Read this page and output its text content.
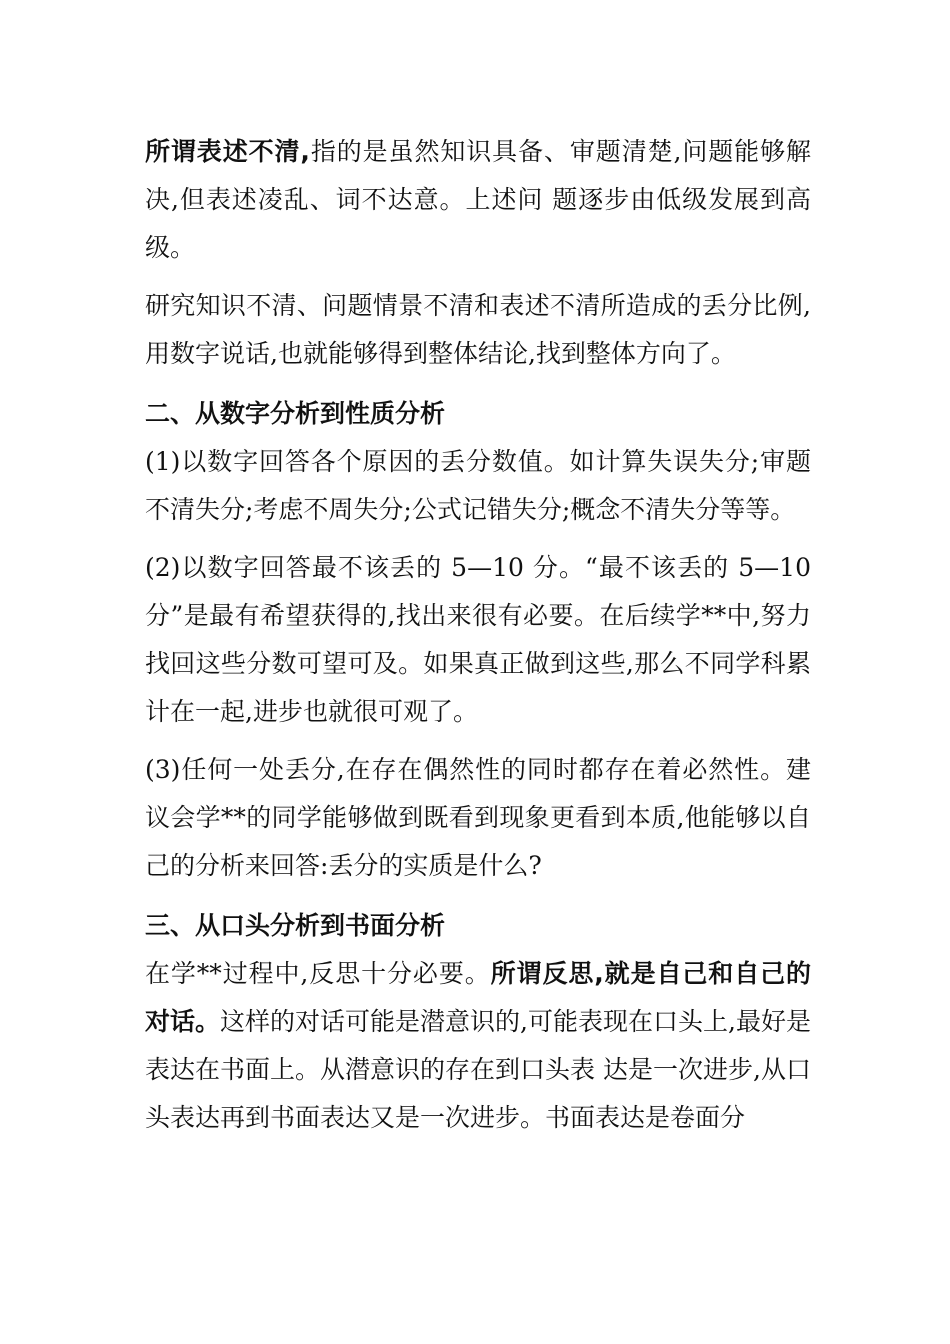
所谓表述不清,指的是虽然知识具备、审题清楚,问题能够解决,但表述凌乱、词不达意。上述问 题逐步由低级发展到高级。

研究知识不清、问题情景不清和表述不清所造成的丢分比例,用数字说话,也就能够得到整体结论,找到整体方向了。

二、从数字分析到性质分析

(1)以数字回答各个原因的丢分数值。如计算失误失分;审题不清失分;考虑不周失分;公式记错失分;概念不清失分等等。

(2)以数字回答最不该丢的 5—10 分。“最不该丢的 5—10 分”是最有希望获得的,找出来很有必要。在后续学**中,努力找回这些分数可望可及。如果真正做到这些,那么不同学科累计在一起,进步也就很可观了。

(3)任何一处丢分,在存在偶然性的同时都存在着必然性。建议会学**的同学能够做到既看到现象更看到本质,他能够以自己的分析来回答:丢分的实质是什么?

三、从口头分析到书面分析

在学**过程中,反思十分必要。所谓反思,就是自己和自己的对话。这样的对话可能是潜意识的,可能表现在口头上,最好是表达在书面上。从潜意识的存在到口头表 达是一次进步,从口头表达再到书面表达又是一次进步。书面表达是卷面分
